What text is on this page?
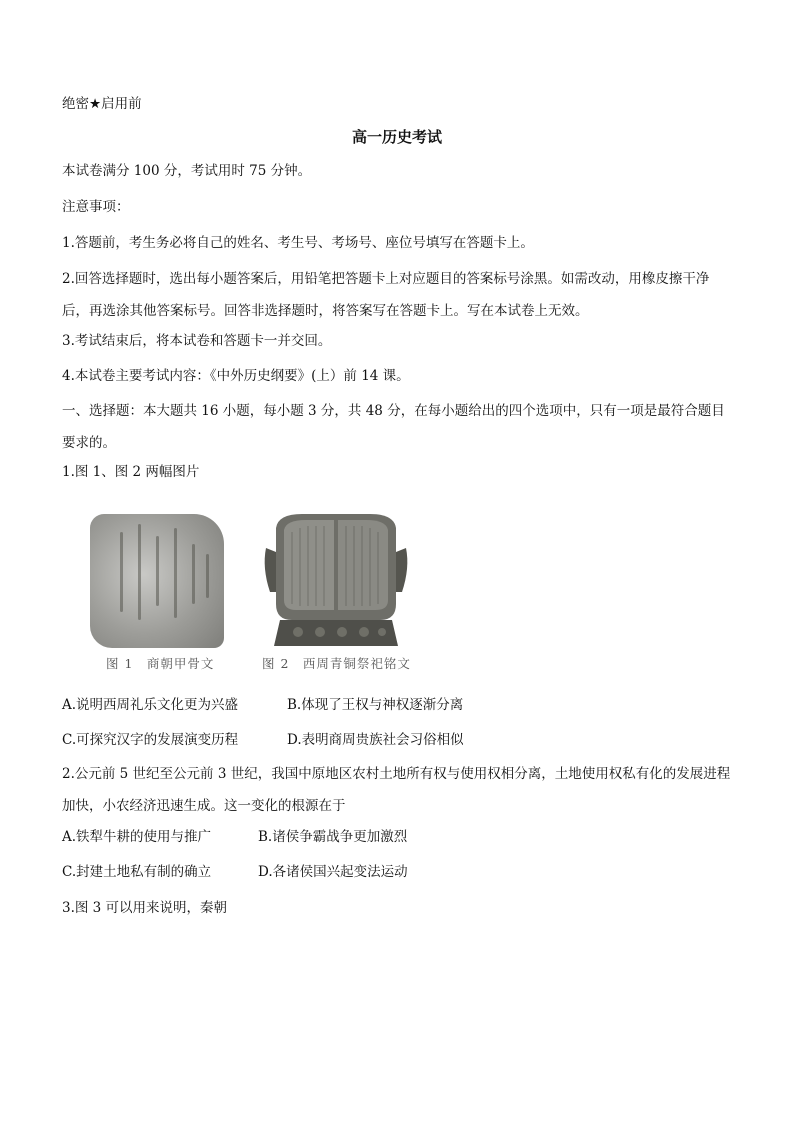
绝密★启用前
高一历史考试
本试卷满分 100 分，考试用时 75 分钟。
注意事项：
1.答题前，考生务必将自己的姓名、考生号、考场号、座位号填写在答题卡上。
2.回答选择题时，选出每小题答案后，用铅笔把答题卡上对应题目的答案标号涂黑。如需改动，用橡皮擦干净后，再选涂其他答案标号。回答非选择题时，将答案写在答题卡上。写在本试卷上无效。
3.考试结束后，将本试卷和答题卡一并交回。
4.本试卷主要考试内容：《中外历史纲要》(上）前 14 课。
一、选择题：本大题共 16 小题，每小题 3 分，共 48 分，在每小题给出的四个选项中，只有一项是最符合题目要求的。
1.图 1、图 2 两幅图片
图 1　商朝甲骨文	图 2　西周青铜祭祀铭文
A.说明西周礼乐文化更为兴盛	B.体现了王权与神权逐渐分离
C.可探究汉字的发展演变历程	D.表明商周贵族社会习俗相似
2.公元前 5 世纪至公元前 3 世纪，我国中原地区农村土地所有权与使用权相分离，土地使用权私有化的发展进程加快，小农经济迅速生成。这一变化的根源在于
A.铁犁牛耕的使用与推广	B.诸侯争霸战争更加激烈
C.封建土地私有制的确立	D.各诸侯国兴起变法运动
3.图 3 可以用来说明，秦朝
